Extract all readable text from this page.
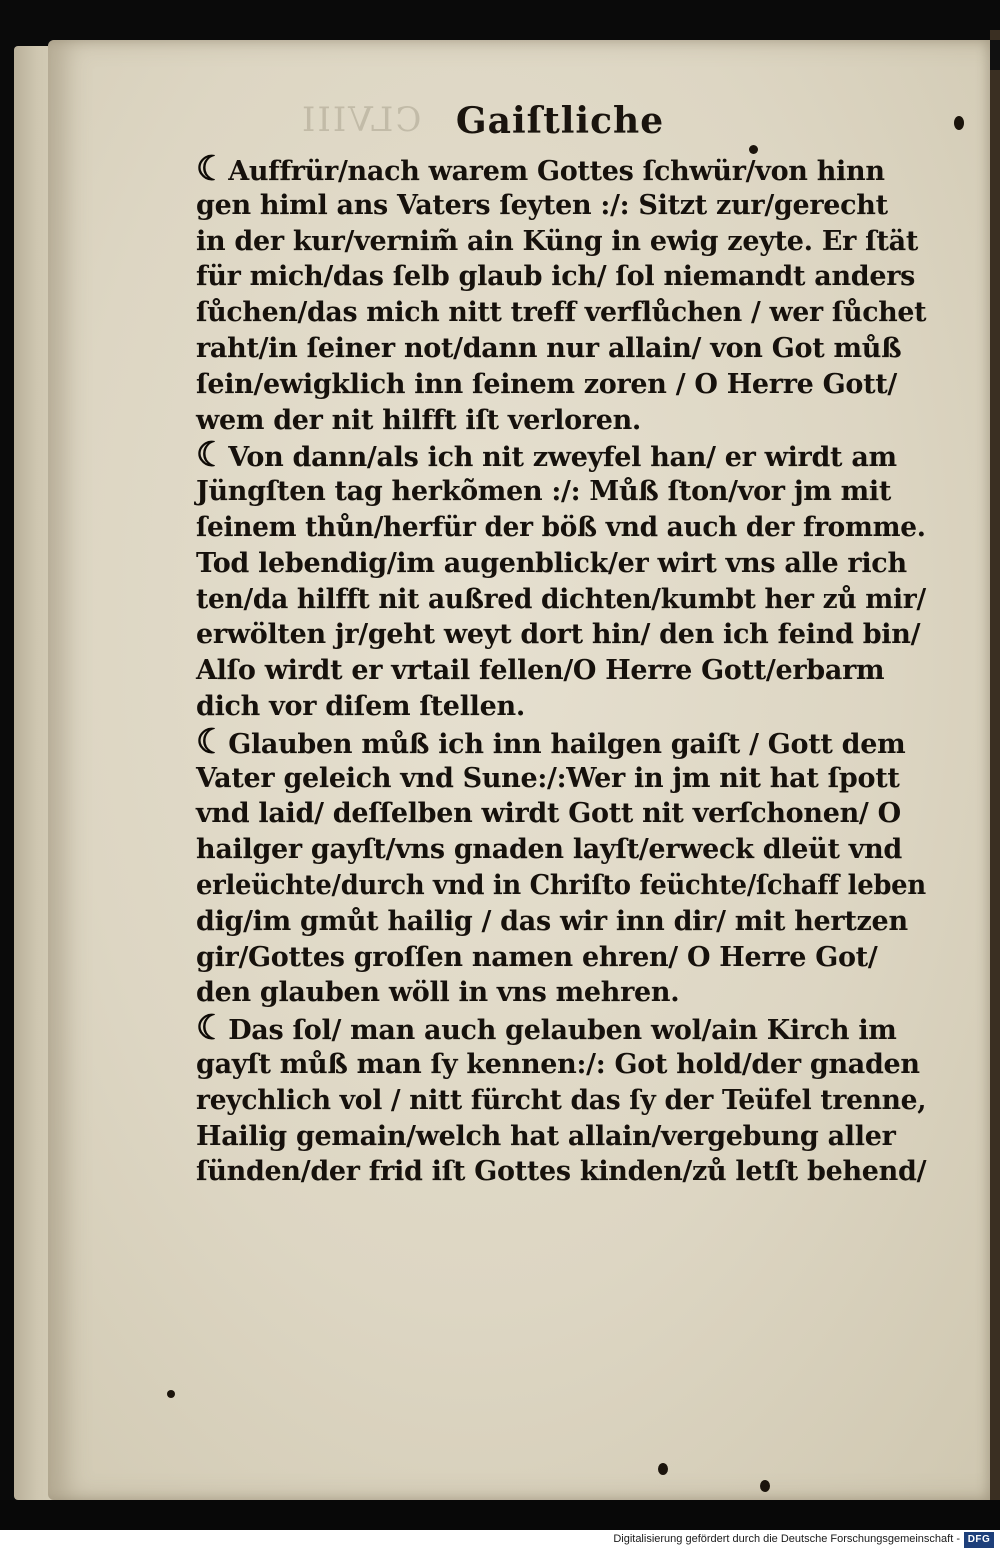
CLVIII Gaiſtliche
☾Auffrür/nach warem Gottes ſchwür/von hinn
gen himl ans Vaters ſeyten :/: Sitzt zur/gerecht
in der kur/vernim̃ ain Küng in ewig zeyte. Er ſtät
für mich/das ſelb glaub ich/ ſol niemandt anders
ſůchen/das mich nitt treff verflůchen / wer ſůchet
raht/in ſeiner not/dann nur allain/ von Got můß
ſein/ewigklich inn ſeinem zoren / O Herre Gott/
wem der nit hilfft iſt verloren.
☾Von dann/als ich nit zweyfel han/ er wirdt am
Jüngſten tag herkõmen :/: Můß ſton/vor jm mit
ſeinem thůn/herfür der böß vnd auch der fromme.
Tod lebendig/im augenblick/er wirt vns alle rich
ten/da hilfft nit außred dichten/kumbt her zů mir/
erwölten jr/geht weyt dort hin/ den ich feind bin/
Alſo wirdt er vrtail fellen/O Herre Gott/erbarm
dich vor diſem ſtellen.
☾Glauben můß ich inn hailgen gaiſt / Gott dem
Vater geleich vnd Sune:/:Wer in jm nit hat ſpott
vnd laid/ deſſelben wirdt Gott nit verſchonen/ O
hailger gayſt/vns gnaden layſt/erweck dleüt vnd
erleüchte/durch vnd in Chriſto feüchte/ſchaff leben
dig/im gmůt hailig / das wir inn dir/ mit hertzen
gir/Gottes groſſen namen ehren/ O Herre Got/
den glauben wöll in vns mehren.
☾Das ſol/ man auch gelauben wol/ain Kirch im
gayſt můß man ſy kennen:/: Got hold/der gnaden
reychlich vol / nitt fürcht das ſy der Teüfel trenne,
Hailig gemain/welch hat allain/vergebung aller
ſünden/der frid iſt Gottes kinden/zů letſt behend/
Digitalisierung gefördert durch die Deutsche Forschungsgemeinschaft - DFG
